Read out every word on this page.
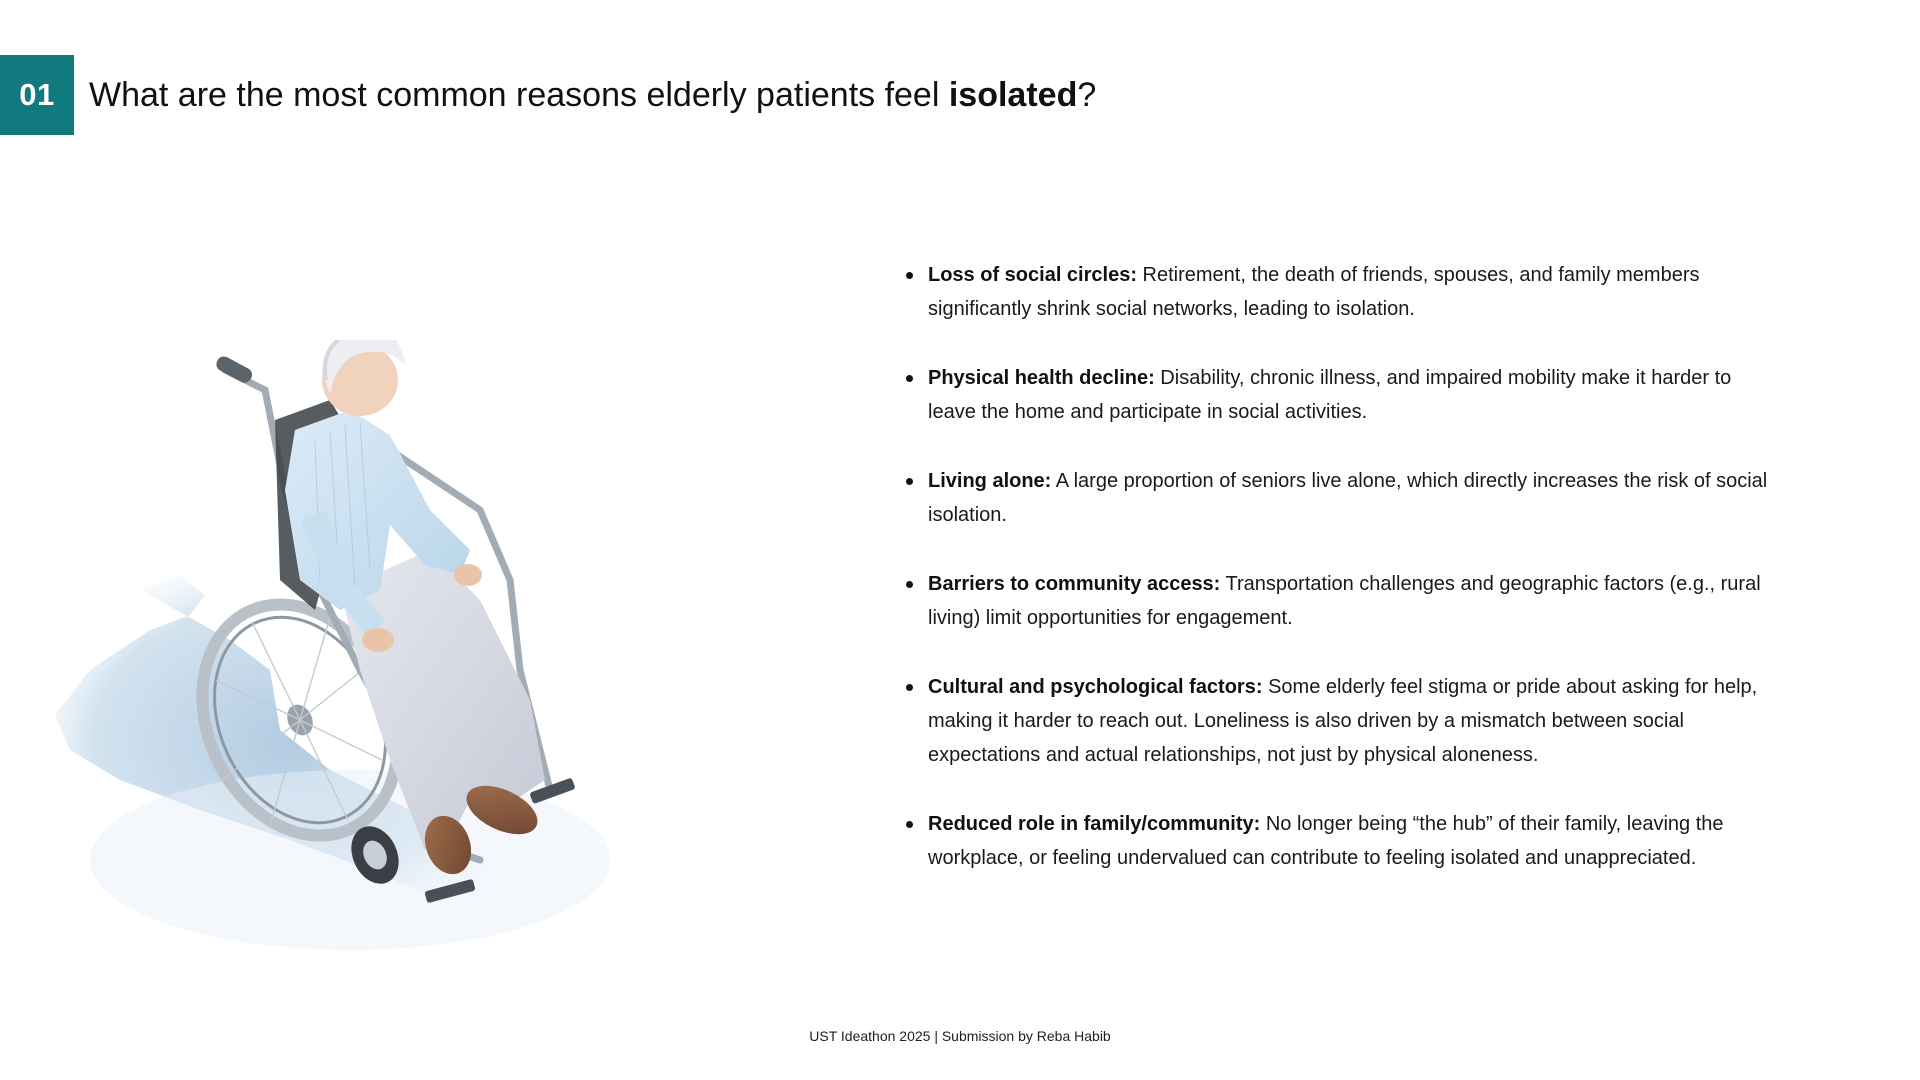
01	What are the most common reasons elderly patients feel isolated?
Loss of social circles: Retirement, the death of friends, spouses, and family members significantly shrink social networks, leading to isolation.
Physical health decline: Disability, chronic illness, and impaired mobility make it harder to leave the home and participate in social activities.
Living alone: A large proportion of seniors live alone, which directly increases the risk of social isolation.
Barriers to community access: Transportation challenges and geographic factors (e.g., rural living) limit opportunities for engagement.
Cultural and psychological factors: Some elderly feel stigma or pride about asking for help, making it harder to reach out. Loneliness is also driven by a mismatch between social expectations and actual relationships, not just by physical aloneness.
Reduced role in family/community: No longer being “the hub” of their family, leaving the workplace, or feeling undervalued can contribute to feeling isolated and unappreciated.
UST Ideathon 2025 | Submission by Reba Habib
